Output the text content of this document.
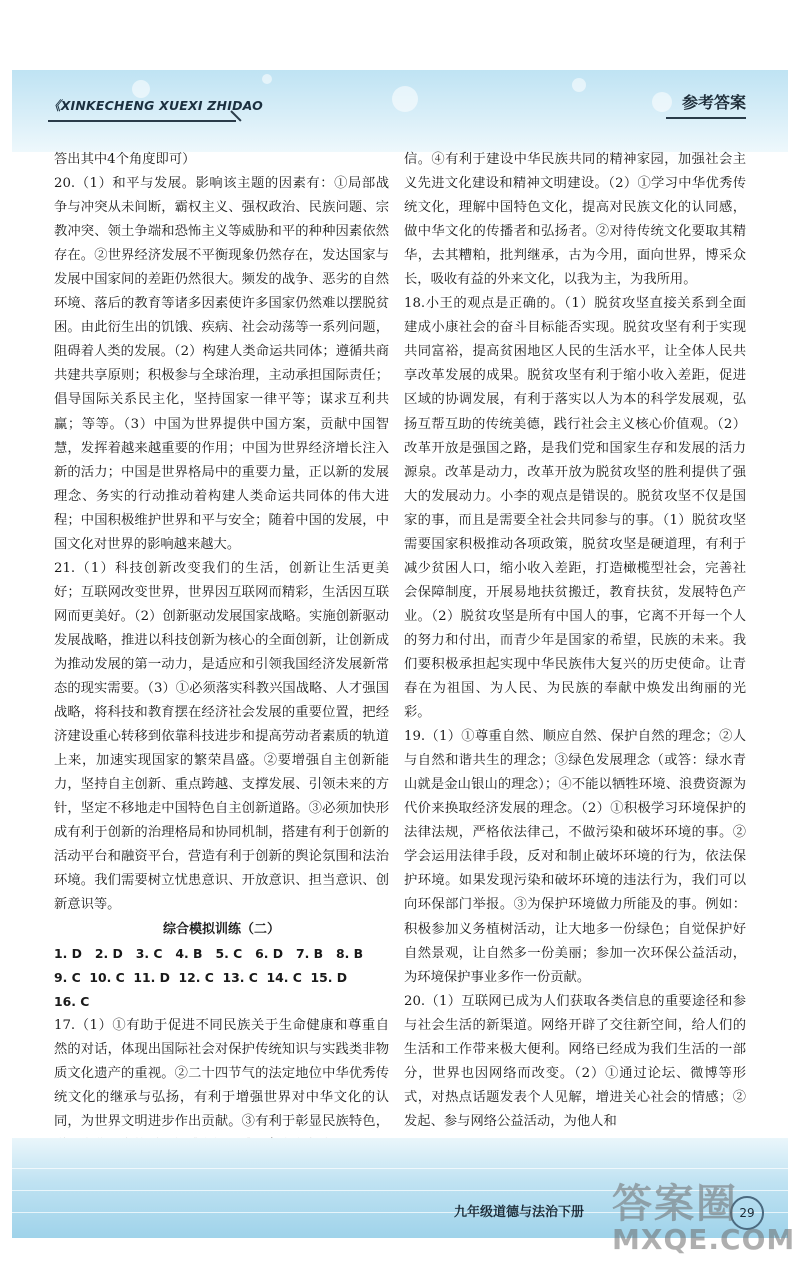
《XINKECHENG XUEXI ZHIDAO	参考答案

答出其中4个角度即可）

20.（1）和平与发展。影响该主题的因素有：①局部战争与冲突从未间断，霸权主义、强权政治、民族问题、宗教冲突、领土争端和恐怖主义等威胁和平的种种因素依然存在。②世界经济发展不平衡现象仍然存在，发达国家与发展中国家间的差距仍然很大。频发的战争、恶劣的自然环境、落后的教育等诸多因素使许多国家仍然难以摆脱贫困。由此衍生出的饥饿、疾病、社会动荡等一系列问题，阻碍着人类的发展。（2）构建人类命运共同体；遵循共商共建共享原则；积极参与全球治理，主动承担国际责任；倡导国际关系民主化，坚持国家一律平等；谋求互利共赢；等等。（3）中国为世界提供中国方案，贡献中国智慧，发挥着越来越重要的作用；中国为世界经济增长注入新的活力；中国是世界格局中的重要力量，正以新的发展理念、务实的行动推动着构建人类命运共同体的伟大进程；中国积极维护世界和平与安全；随着中国的发展，中国文化对世界的影响越来越大。

21.（1）科技创新改变我们的生活，创新让生活更美好；互联网改变世界，世界因互联网而精彩，生活因互联网而更美好。（2）创新驱动发展国家战略。实施创新驱动发展战略，推进以科技创新为核心的全面创新，让创新成为推动发展的第一动力，是适应和引领我国经济发展新常态的现实需要。（3）①必须落实科教兴国战略、人才强国战略，将科技和教育摆在经济社会发展的重要位置，把经济建设重心转移到依靠科技进步和提高劳动者素质的轨道上来，加速实现国家的繁荣昌盛。②要增强自主创新能力，坚持自主创新、重点跨越、支撑发展、引领未来的方针，坚定不移地走中国特色自主创新道路。③必须加快形成有利于创新的治理格局和协同机制，搭建有利于创新的活动平台和融资平台，营造有利于创新的舆论氛围和法治环境。我们需要树立忧患意识、开放意识、担当意识、创新意识等。

综合模拟训练（二）

1. D   2. D   3. C   4. B   5. C   6. D   7. B   8. B

9. C  10. C  11. D  12. C  13. C  14. C  15. D

16. C

17.（1）①有助于促进不同民族关于生命健康和尊重自然的对话，体现出国际社会对保护传统知识与实践类非物质文化遗产的重视。②二十四节气的法定地位中华优秀传统文化的继承与弘扬，有利于增强世界对中华文化的认同，为世界文明进步作出贡献。③有利于彰显民族特色，

信。④有利于建设中华民族共同的精神家园，加强社会主义先进文化建设和精神文明建设。（2）①学习中华优秀传统文化，理解中国特色文化，提高对民族文化的认同感，做中华文化的传播者和弘扬者。②对待传统文化要取其精华，去其糟粕，批判继承，古为今用，面向世界，博采众长，吸收有益的外来文化，以我为主，为我所用。

18.小王的观点是正确的。（1）脱贫攻坚直接关系到全面建成小康社会的奋斗目标能否实现。脱贫攻坚有利于实现共同富裕，提高贫困地区人民的生活水平，让全体人民共享改革发展的成果。脱贫攻坚有利于缩小收入差距，促进区域的协调发展，有利于落实以人为本的科学发展观，弘扬互帮互助的传统美德，践行社会主义核心价值观。（2）改革开放是强国之路，是我们党和国家生存和发展的活力源泉。改革是动力，改革开放为脱贫攻坚的胜利提供了强大的发展动力。小李的观点是错误的。脱贫攻坚不仅是国家的事，而且是需要全社会共同参与的事。（1）脱贫攻坚需要国家积极推动各项政策，脱贫攻坚是硬道理，有利于减少贫困人口，缩小收入差距，打造橄榄型社会，完善社会保障制度，开展易地扶贫搬迁，教育扶贫，发展特色产业。（2）脱贫攻坚是所有中国人的事，它离不开每一个人的努力和付出，而青少年是国家的希望，民族的未来。我们要积极承担起实现中华民族伟大复兴的历史使命。让青春在为祖国、为人民、为民族的奉献中焕发出绚丽的光彩。

19.（1）①尊重自然、顺应自然、保护自然的理念；②人与自然和谐共生的理念；③绿色发展理念（或答：绿水青山就是金山银山的理念）；④不能以牺牲环境、浪费资源为代价来换取经济发展的理念。（2）①积极学习环境保护的法律法规，严格依法律己，不做污染和破坏环境的事。②学会运用法律手段，反对和制止破坏环境的行为，依法保护环境。如果发现污染和破坏环境的违法行为，我们可以向环保部门举报。③为保护环境做力所能及的事。例如：积极参加义务植树活动，让大地多一份绿色；自觉保护好自然景观，让自然多一份美丽；参加一次环保公益活动，为环境保护事业多作一份贡献。

20.（1）互联网已成为人们获取各类信息的重要途径和参与社会生活的新渠道。网络开辟了交往新空间，给人们的生活和工作带来极大便利。网络已经成为我们生活的一部分，世界也因网络而改变。（2）①通过论坛、微博等形式，对热点话题发表个人见解，增进关心社会的情感；②发起、参与网络公益活动，为他人和

九年级道德与法治下册	29
答案圈
MXQE.COM
